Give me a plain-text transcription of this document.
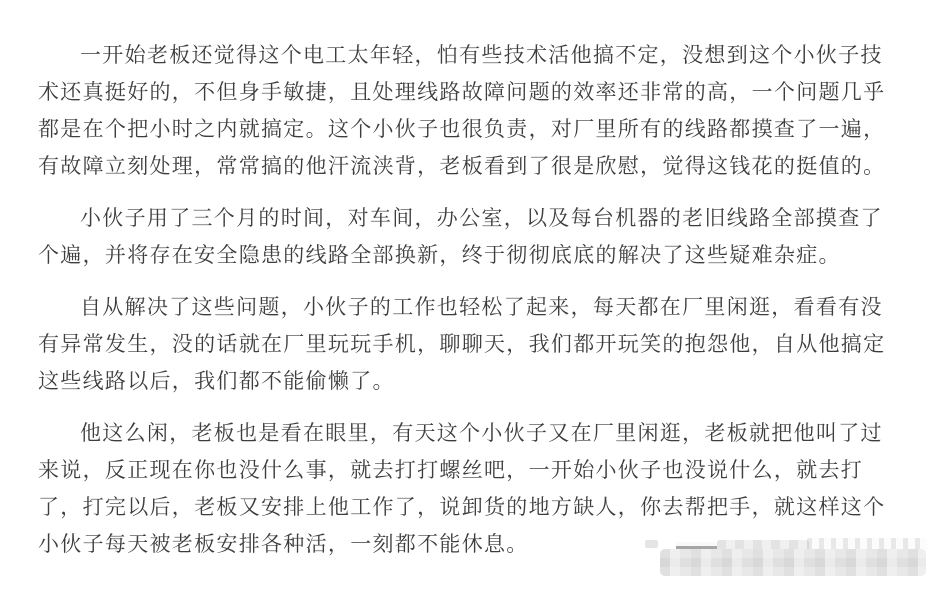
一开始老板还觉得这个电工太年轻，怕有些技术活他搞不定，没想到这个小伙子技术还真挺好的，不但身手敏捷，且处理线路故障问题的效率还非常的高，一个问题几乎都是在个把小时之内就搞定。这个小伙子也很负责，对厂里所有的线路都摸查了一遍，有故障立刻处理，常常搞的他汗流浃背，老板看到了很是欣慰，觉得这钱花的挺值的。

小伙子用了三个月的时间，对车间，办公室，以及每台机器的老旧线路全部摸查了个遍，并将存在安全隐患的线路全部换新，终于彻彻底底的解决了这些疑难杂症。

自从解决了这些问题，小伙子的工作也轻松了起来，每天都在厂里闲逛，看看有没有异常发生，没的话就在厂里玩玩手机，聊聊天，我们都开玩笑的抱怨他，自从他搞定这些线路以后，我们都不能偷懒了。

他这么闲，老板也是看在眼里，有天这个小伙子又在厂里闲逛，老板就把他叫了过来说，反正现在你也没什么事，就去打打螺丝吧，一开始小伙子也没说什么，就去打了，打完以后，老板又安排上他工作了，说卸货的地方缺人，你去帮把手，就这样这个小伙子每天被老板安排各种活，一刻都不能休息。
